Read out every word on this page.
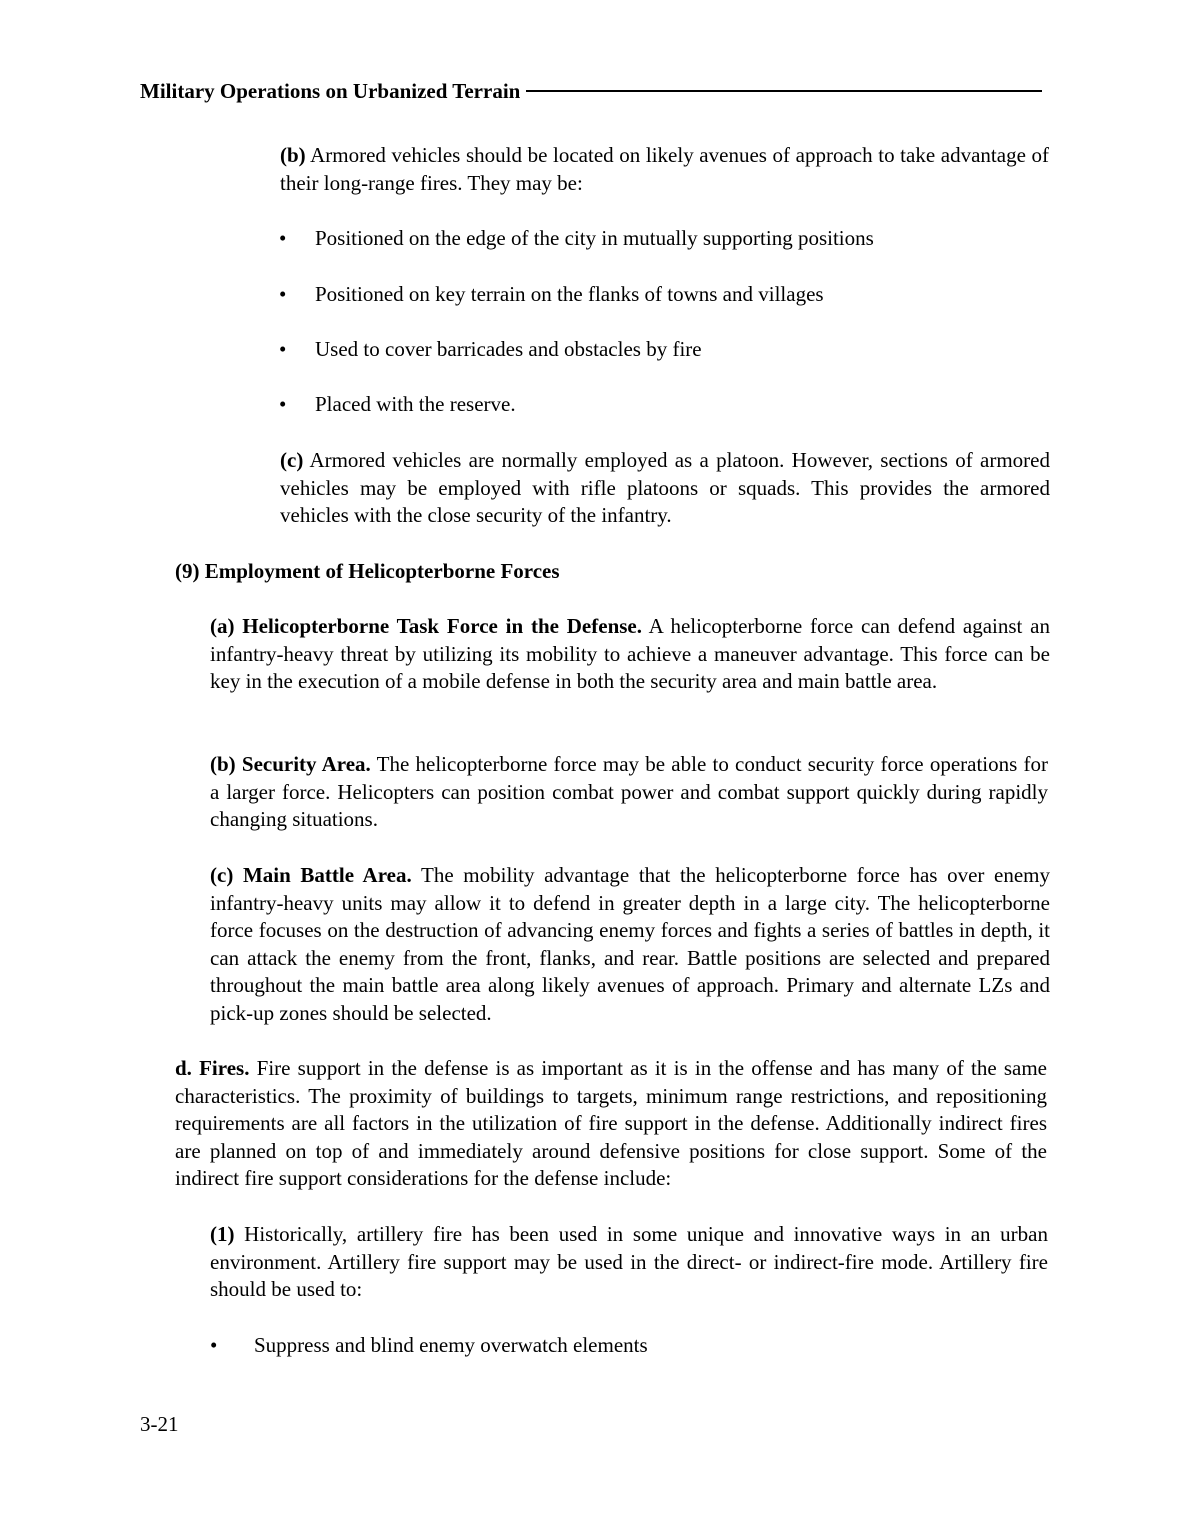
Military Operations on Urbanized Terrain
(b) Armored vehicles should be located on likely avenues of approach to take advantage of their long-range fires. They may be:
•	Positioned on the edge of the city in mutually supporting positions
•	Positioned on key terrain on the flanks of towns and villages
•	Used to cover barricades and obstacles by fire
•	Placed with the reserve.
(c) Armored vehicles are normally employed as a platoon. However, sections of armored vehicles may be employed with rifle platoons or squads. This provides the armored vehicles with the close security of the infantry.
(9) Employment of Helicopterborne Forces
(a) Helicopterborne Task Force in the Defense. A helicopterborne force can defend against an infantry-heavy threat by utilizing its mobility to achieve a maneuver advantage. This force can be key in the execution of a mobile defense in both the security area and main battle area.
(b) Security Area. The helicopterborne force may be able to conduct security force operations for a larger force. Helicopters can position combat power and combat support quickly during rapidly changing situations.
(c) Main Battle Area. The mobility advantage that the helicopterborne force has over enemy infantry-heavy units may allow it to defend in greater depth in a large city. The helicopterborne force focuses on the destruction of advancing enemy forces and fights a series of battles in depth, it can attack the enemy from the front, flanks, and rear. Battle positions are selected and prepared throughout the main battle area along likely avenues of approach. Primary and alternate LZs and pick-up zones should be selected.
d. Fires. Fire support in the defense is as important as it is in the offense and has many of the same characteristics. The proximity of buildings to targets, minimum range restrictions, and repositioning requirements are all factors in the utilization of fire support in the defense. Additionally indirect fires are planned on top of and immediately around defensive positions for close support. Some of the indirect fire support considerations for the defense include:
(1) Historically, artillery fire has been used in some unique and innovative ways in an urban environment. Artillery fire support may be used in the direct- or indirect-fire mode. Artillery fire should be used to:
•	Suppress and blind enemy overwatch elements
3-21
